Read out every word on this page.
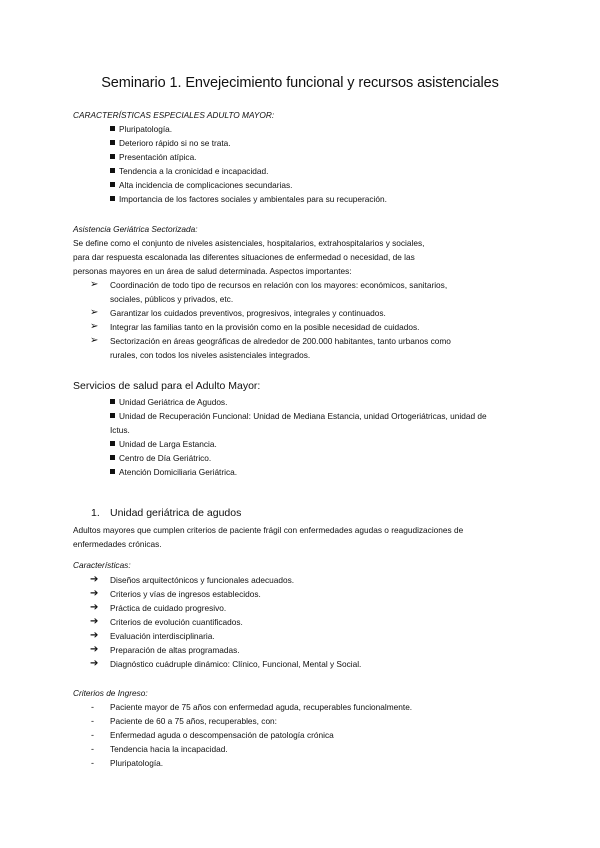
Seminario 1. Envejecimiento funcional y recursos asistenciales
CARACTERÍSTICAS ESPECIALES ADULTO MAYOR:
Pluripatología.
Deterioro rápido si no se trata.
Presentación atípica.
Tendencia a la cronicidad e incapacidad.
Alta incidencia de complicaciones secundarias.
Importancia de los factores sociales y ambientales para su recuperación.
Asistencia Geriátrica Sectorizada:
Se define como el conjunto de niveles asistenciales, hospitalarios, extrahospitalarios y sociales,
para dar respuesta escalonada las diferentes situaciones de enfermedad o necesidad, de las
personas mayores en un área de salud determinada. Aspectos importantes:
➢ Coordinación de todo tipo de recursos en relación con los mayores: económicos, sanitarios,
sociales, públicos y privados, etc.
➢ Garantizar los cuidados preventivos, progresivos, integrales y continuados.
➢ Integrar las familias tanto en la provisión como en la posible necesidad de cuidados.
➢ Sectorización en áreas geográficas de alrededor de 200.000 habitantes, tanto urbanos como
rurales, con todos los niveles asistenciales integrados.
Servicios de salud para el Adulto Mayor:
Unidad Geriátrica de Agudos.
Unidad de Recuperación Funcional: Unidad de Mediana Estancia, unidad Ortogeriátricas, unidad de
Ictus.
Unidad de Larga Estancia.
Centro de Día Geriátrico.
Atención Domiciliaria Geriátrica.
1. Unidad geriátrica de agudos
Adultos mayores que cumplen criterios de paciente frágil con enfermedades agudas o reagudizaciones de
enfermedades crónicas.
Características:
➔ Diseños arquitectónicos y funcionales adecuados.
➔ Criterios y vías de ingresos establecidos.
➔ Práctica de cuidado progresivo.
➔ Criterios de evolución cuantificados.
➔ Evaluación interdisciplinaria.
➔ Preparación de altas programadas.
➔ Diagnóstico cuádruple dinámico: Clínico, Funcional, Mental y Social.
Criterios de Ingreso:
- Paciente mayor de 75 años con enfermedad aguda, recuperables funcionalmente.
- Paciente de 60 a 75 años, recuperables, con:
- Enfermedad aguda o descompensación de patología crónica
- Tendencia hacia la incapacidad.
- Pluripatología.
